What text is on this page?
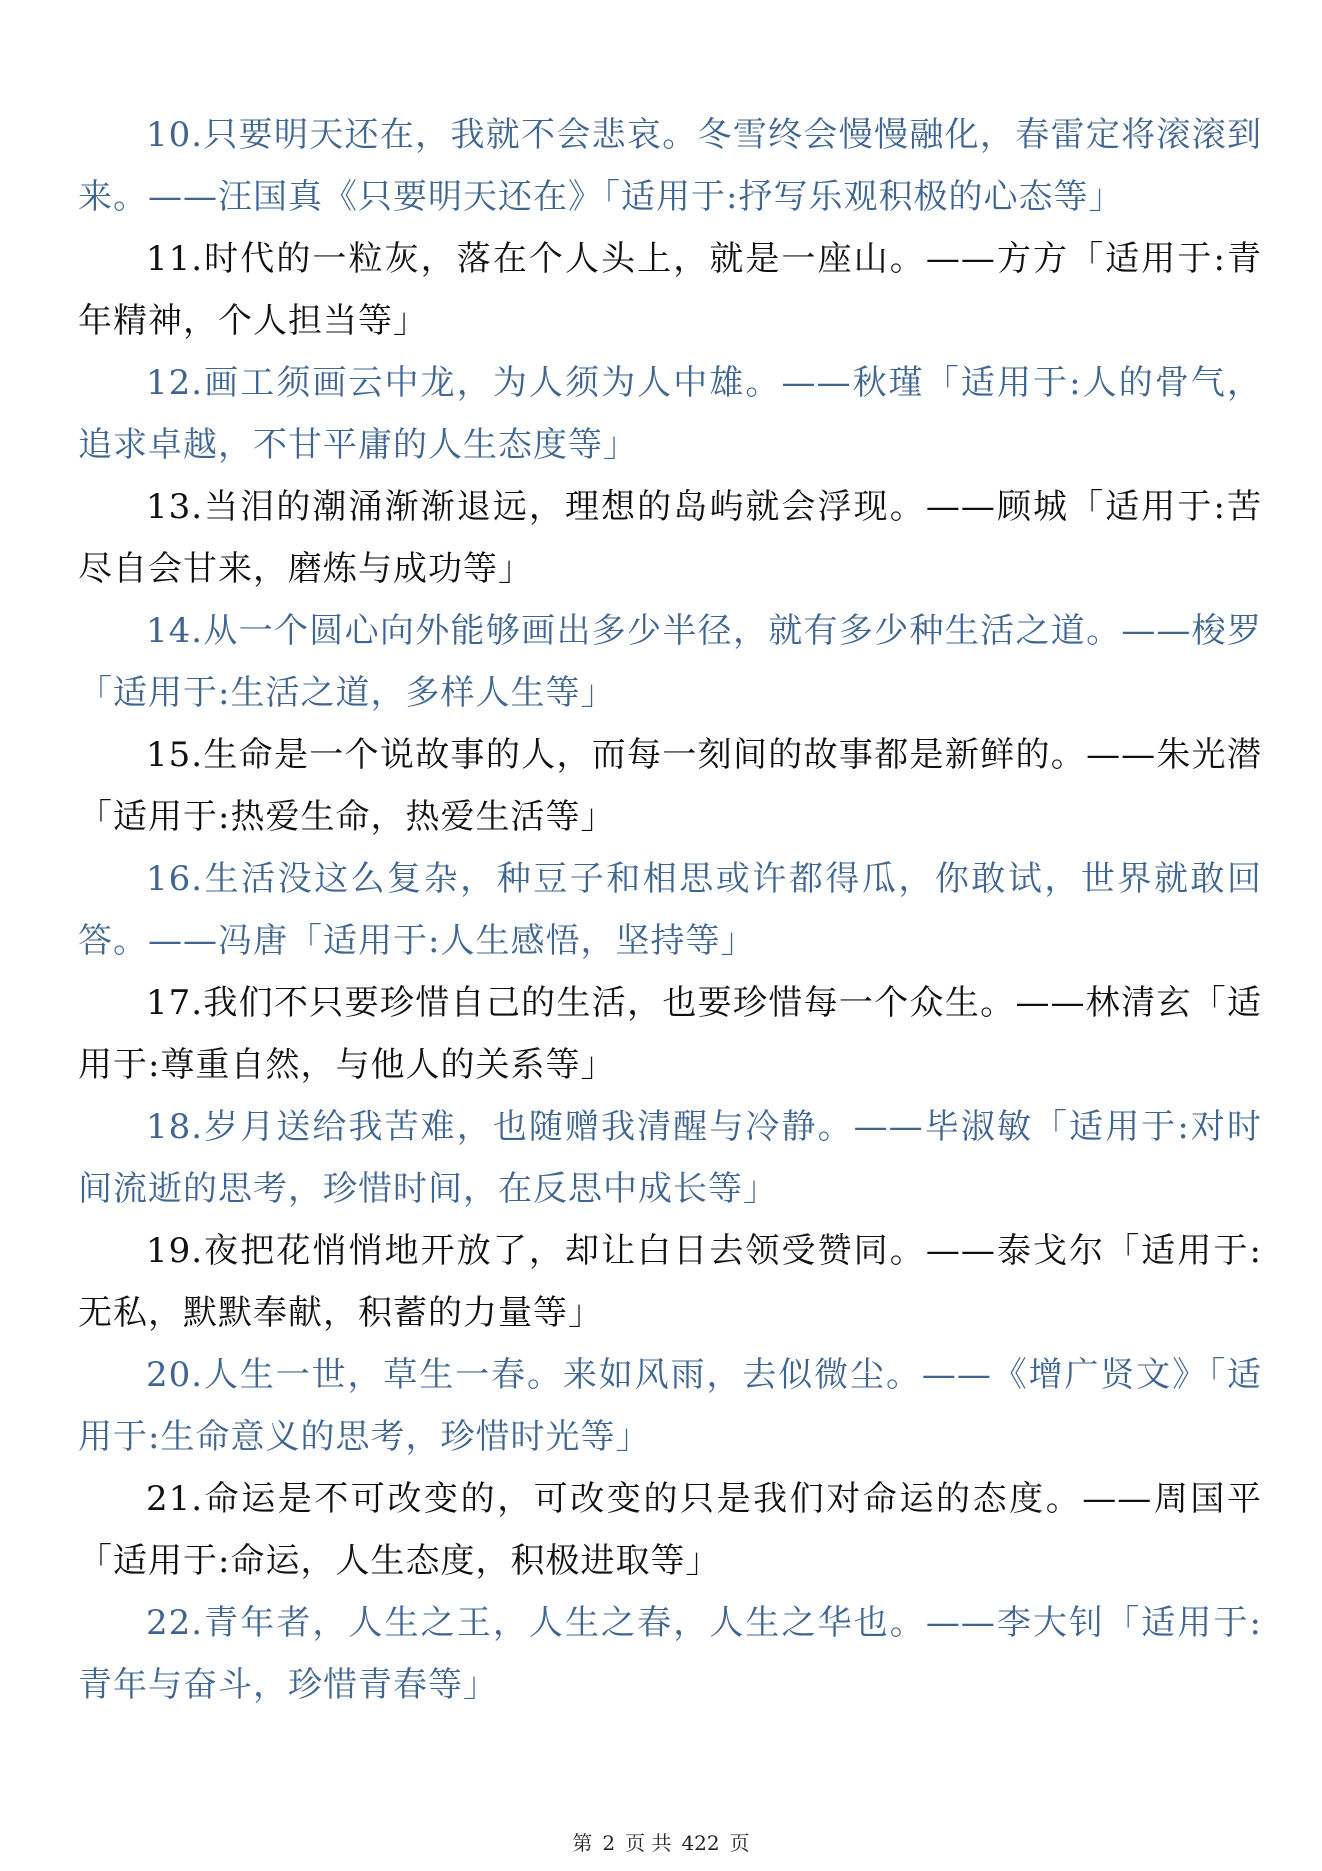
10.只要明天还在，我就不会悲哀。冬雪终会慢慢融化，春雷定将滚滚到来。——汪国真《只要明天还在》「适用于:抒写乐观积极的心态等」

11.时代的一粒灰，落在个人头上，就是一座山。——方方「适用于:青年精神，个人担当等」

12.画工须画云中龙，为人须为人中雄。——秋瑾「适用于:人的骨气，追求卓越，不甘平庸的人生态度等」

13.当泪的潮涌渐渐退远，理想的岛屿就会浮现。——顾城「适用于:苦尽自会甘来，磨炼与成功等」

14.从一个圆心向外能够画出多少半径，就有多少种生活之道。——梭罗「适用于:生活之道，多样人生等」

15.生命是一个说故事的人，而每一刻间的故事都是新鲜的。——朱光潜「适用于:热爱生命，热爱生活等」

16.生活没这么复杂，种豆子和相思或许都得瓜，你敢试，世界就敢回答。——冯唐「适用于:人生感悟，坚持等」

17.我们不只要珍惜自己的生活，也要珍惜每一个众生。——林清玄「适用于:尊重自然，与他人的关系等」

18.岁月送给我苦难，也随赠我清醒与冷静。——毕淑敏「适用于:对时间流逝的思考，珍惜时间，在反思中成长等」

19.夜把花悄悄地开放了，却让白日去领受赞同。——泰戈尔「适用于:无私，默默奉献，积蓄的力量等」

20.人生一世，草生一春。来如风雨，去似微尘。——《增广贤文》「适用于:生命意义的思考，珍惜时光等」

21.命运是不可改变的，可改变的只是我们对命运的态度。——周国平「适用于:命运，人生态度，积极进取等」

22.青年者，人生之王，人生之春，人生之华也。——李大钊「适用于:青年与奋斗，珍惜青春等」

第 2 页 共 422 页
